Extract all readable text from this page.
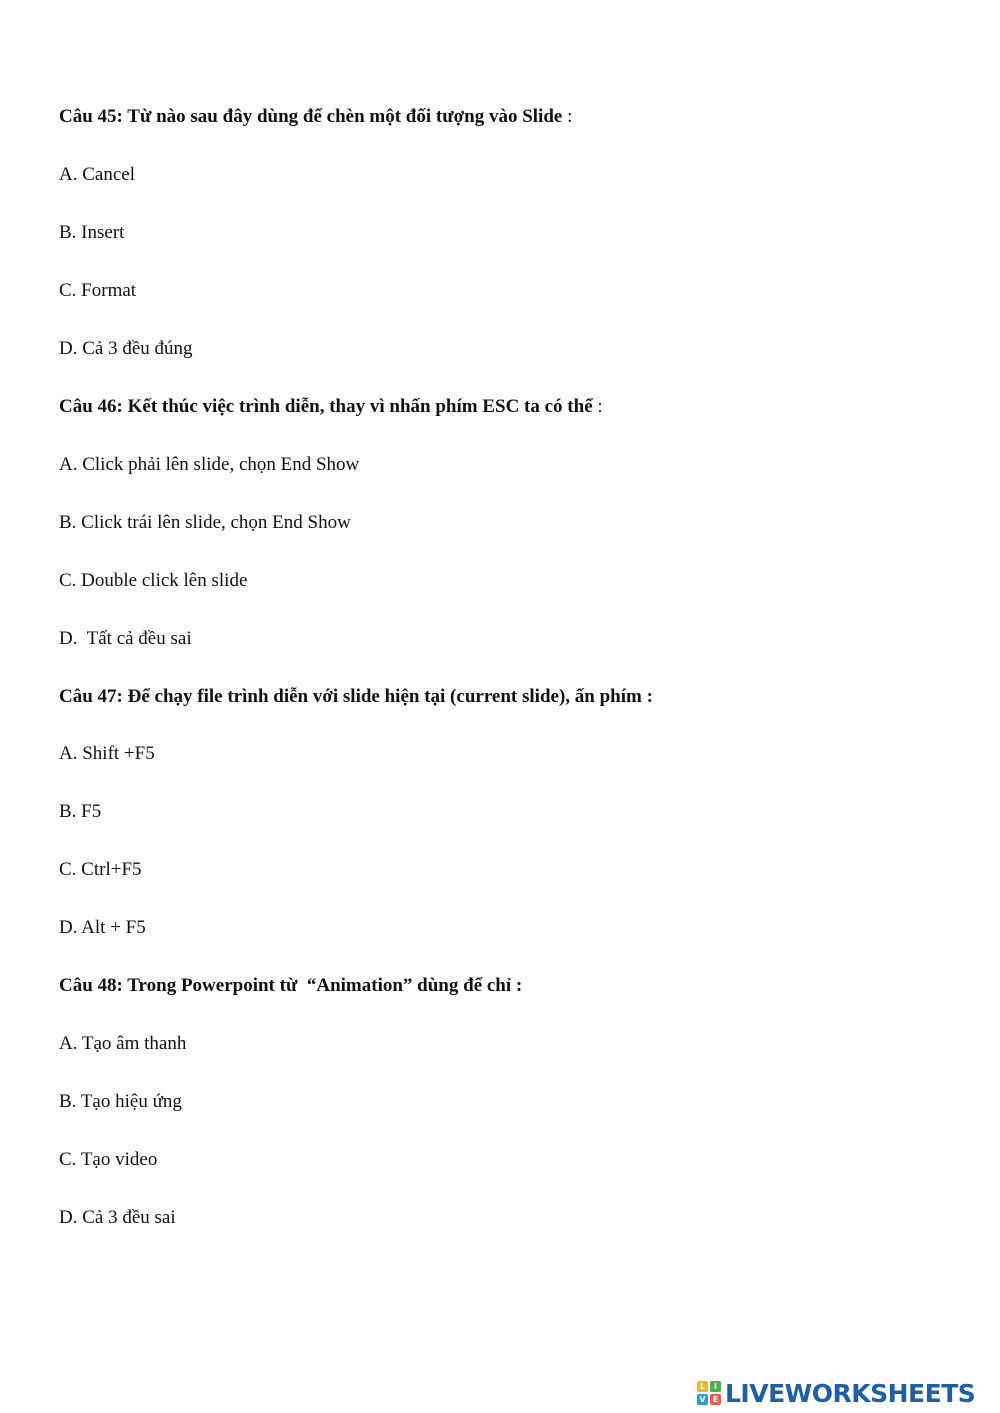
Câu 45: Từ nào sau đây dùng để chèn một đối tượng vào Slide :
A. Cancel
B. Insert
C. Format
D. Cả 3 đều đúng
Câu 46: Kết thúc việc trình diễn, thay vì nhấn phím ESC ta có thể :
A. Click phải lên slide, chọn End Show
B. Click trái lên slide, chọn End Show
C. Double click lên slide
D.  Tất cả đều sai
Câu 47: Để chạy file trình diễn với slide hiện tại (current slide), ấn phím :
A. Shift +F5
B. F5
C. Ctrl+F5
D. Alt + F5
Câu 48: Trong Powerpoint từ  “Animation” dùng để chỉ :
A. Tạo âm thanh
B. Tạo hiệu ứng
C. Tạo video
D. Cả 3 đều sai
L	I
V E LIVEWORKSHEETS
